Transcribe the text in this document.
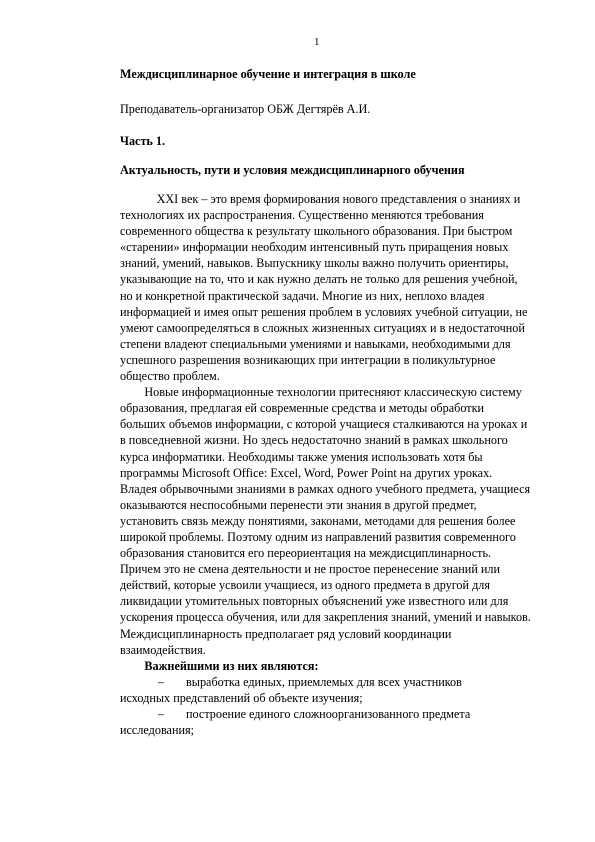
1
Междисциплинарное обучение и интеграция в школе
Преподаватель-организатор ОБЖ Дегтярёв А.И.
Часть 1.
Актуальность, пути и условия междисциплинарного обучения
XXI век – это время формирования нового представления о знаниях и
технологиях их распространения. Существенно меняются требования
современного общества к результату школьного образования. При быстром
«старении» информации необходим интенсивный путь приращения новых
знаний, умений, навыков. Выпускнику школы важно получить ориентиры,
указывающие на то, что и как нужно делать не только для решения учебной,
но и конкретной практической задачи. Многие из них, неплохо владея
информацией и имея опыт решения проблем в условиях учебной ситуации, не
умеют самоопределяться в сложных жизненных ситуациях и в недостаточной
степени владеют специальными умениями и навыками, необходимыми для
успешного разрешения возникающих при интеграции в поликультурное
общество проблем.
Новые информационные технологии притесняют классическую систему
образования, предлагая ей современные средства и методы обработки
больших объемов информации, с которой учащиеся сталкиваются на уроках и
в повседневной жизни. Но здесь недостаточно знаний в рамках школьного
курса информатики. Необходимы также умения использовать хотя бы
программы Microsoft Office: Excel, Word, Power Point на других уроках.
Владея обрывочными знаниями в рамках одного учебного предмета, учащиеся
оказываются неспособными перенести эти знания в другой предмет,
установить связь между понятиями, законами, методами для решения более
широкой проблемы. Поэтому одним из направлений развития современного
образования становится его переориентация на междисциплинарность.
Причем это не смена деятельности и не простое перенесение знаний или
действий, которые усвоили учащиеся, из одного предмета в другой для
ликвидации утомительных повторных объяснений уже известного или для
ускорения процесса обучения, или для закрепления знаний, умений и навыков.
Междисциплинарность предполагает ряд условий координации
взаимодействия.
Важнейшими из них являются:
– выработка единых, приемлемых для всех участников
исходных представлений об объекте изучения;
– построение единого сложноорганизованного предмета
исследования;
